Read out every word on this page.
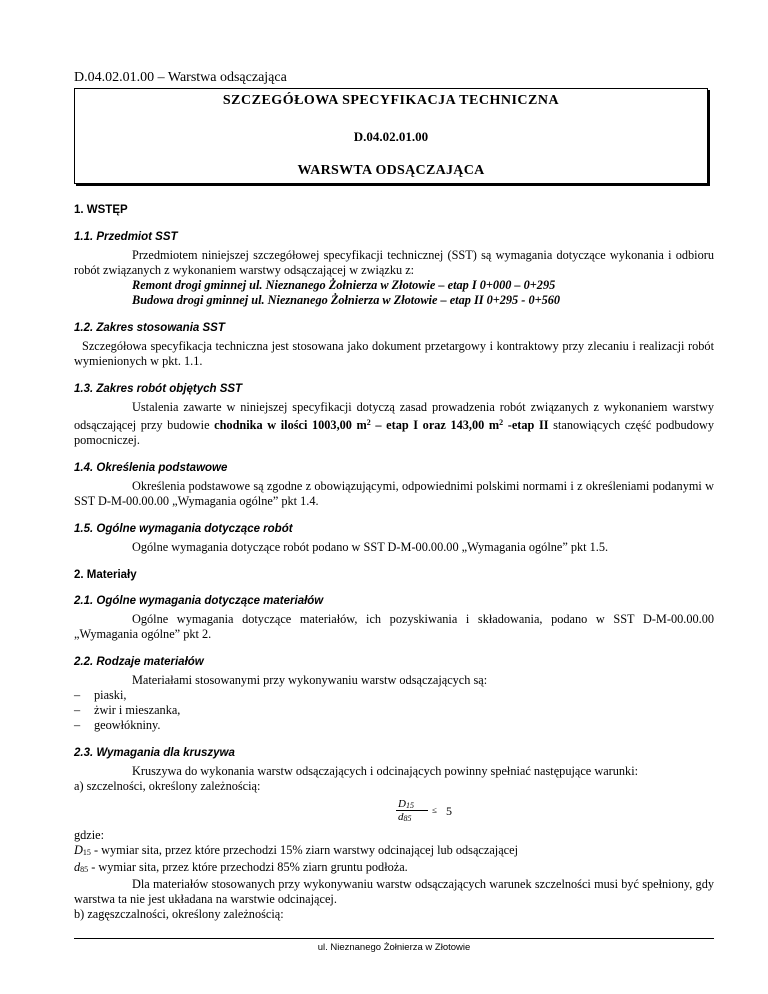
D.04.02.01.00 – Warstwa odsączająca
SZCZEGÓŁOWA SPECYFIKACJA TECHNICZNA
D.04.02.01.00
WARSWTA ODSĄCZAJĄCA
1. WSTĘP
1.1. Przedmiot SST

Przedmiotem niniejszej szczegółowej specyfikacji technicznej (SST) są wymagania dotyczące wykonania i odbioru robót związanych z wykonaniem warstwy odsączającej w związku z:

Remont drogi gminnej ul. Nieznanego Żołnierza w Złotowie – etap I 0+000 – 0+295
Budowa drogi gminnej ul. Nieznanego Żołnierza w Złotowie – etap II 0+295 - 0+560
1.2. Zakres stosowania SST

Szczegółowa specyfikacja techniczna jest stosowana jako dokument przetargowy i kontraktowy przy zlecaniu i realizacji robót wymienionych w pkt. 1.1.

1.3. Zakres robót objętych SST

Ustalenia zawarte w niniejszej specyfikacji dotyczą zasad prowadzenia robót związanych z wykonaniem warstwy odsączającej przy budowie chodnika w ilości 1003,00 $m^2$ – etap I oraz 143,00 $m^2$ -etap II stanowiących część podbudowy pomocniczej.

1.4. Określenia podstawowe

Określenia podstawowe są zgodne z obowiązującymi, odpowiednimi polskimi normami i z określeniami podanymi w SST D-M-00.00.00 „Wymagania ogólne” pkt 1.4.

1.5. Ogólne wymagania dotyczące robót

Ogólne wymagania dotyczące robót podano w SST D-M-00.00.00 „Wymagania ogólne” pkt 1.5.

2. Materiały
2.1. Ogólne wymagania dotyczące materiałów

Ogólne wymagania dotyczące materiałów, ich pozyskiwania i składowania, podano w SST D-M-00.00.00 „Wymagania ogólne” pkt 2.

2.2. Rodzaje materiałów

Materiałami stosowanymi przy wykonywaniu warstw odsączających są:

– piaski,
– żwir i mieszanka,
– geowłókniny.
2.3. Wymagania dla kruszywa

Kruszywa do wykonania warstw odsączających i odcinających powinny spełniać następujące warunki:

a) szczelności, określony zależnością:

$\frac{D15}{d85} \le 5$

gdzie:

D15 - wymiar sita, przez które przechodzi 15% ziarn warstwy odcinającej lub odsączającej

d85 - wymiar sita, przez które przechodzi 85% ziarn gruntu podłoża.

Dla materiałów stosowanych przy wykonywaniu warstw odsączających warunek szczelności musi być spełniony, gdy warstwa ta nie jest układana na warstwie odcinającej.

b) zagęszczalności, określony zależnością:

ul. Nieznanego Żołnierza w Złotowie
